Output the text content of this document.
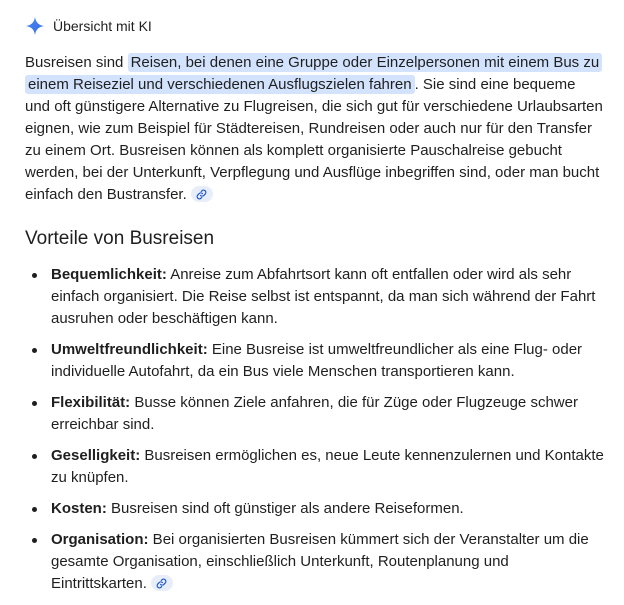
Übersicht mit KI

Busreisen sind Reisen, bei denen eine Gruppe oder Einzelpersonen mit einem Bus zu einem Reiseziel und verschiedenen Ausflugszielen fahren . Sie sind eine bequeme und oft günstigere Alternative zu Flugreisen, die sich gut für verschiedene Urlaubsarten eignen, wie zum Beispiel für Städtereisen, Rundreisen oder auch nur für den Transfer zu einem Ort. Busreisen können als komplett organisierte Pauschalreise gebucht werden, bei der Unterkunft, Verpflegung und Ausflüge inbegriffen sind, oder man bucht einfach den Bustransfer.

Vorteile von Busreisen
Bequemlichkeit: Anreise zum Abfahrtsort kann oft entfallen oder wird als sehr einfach organisiert. Die Reise selbst ist entspannt, da man sich während der Fahrt ausruhen oder beschäftigen kann.
Umweltfreundlichkeit: Eine Busreise ist umweltfreundlicher als eine Flug- oder individuelle Autofahrt, da ein Bus viele Menschen transportieren kann.
Flexibilität: Busse können Ziele anfahren, die für Züge oder Flugzeuge schwer erreichbar sind.
Geselligkeit: Busreisen ermöglichen es, neue Leute kennenzulernen und Kontakte zu knüpfen.
Kosten: Busreisen sind oft günstiger als andere Reiseformen.
Organisation: Bei organisierten Busreisen kümmert sich der Veranstalter um die gesamte Organisation, einschließlich Unterkunft, Routenplanung und Eintrittskarten.
